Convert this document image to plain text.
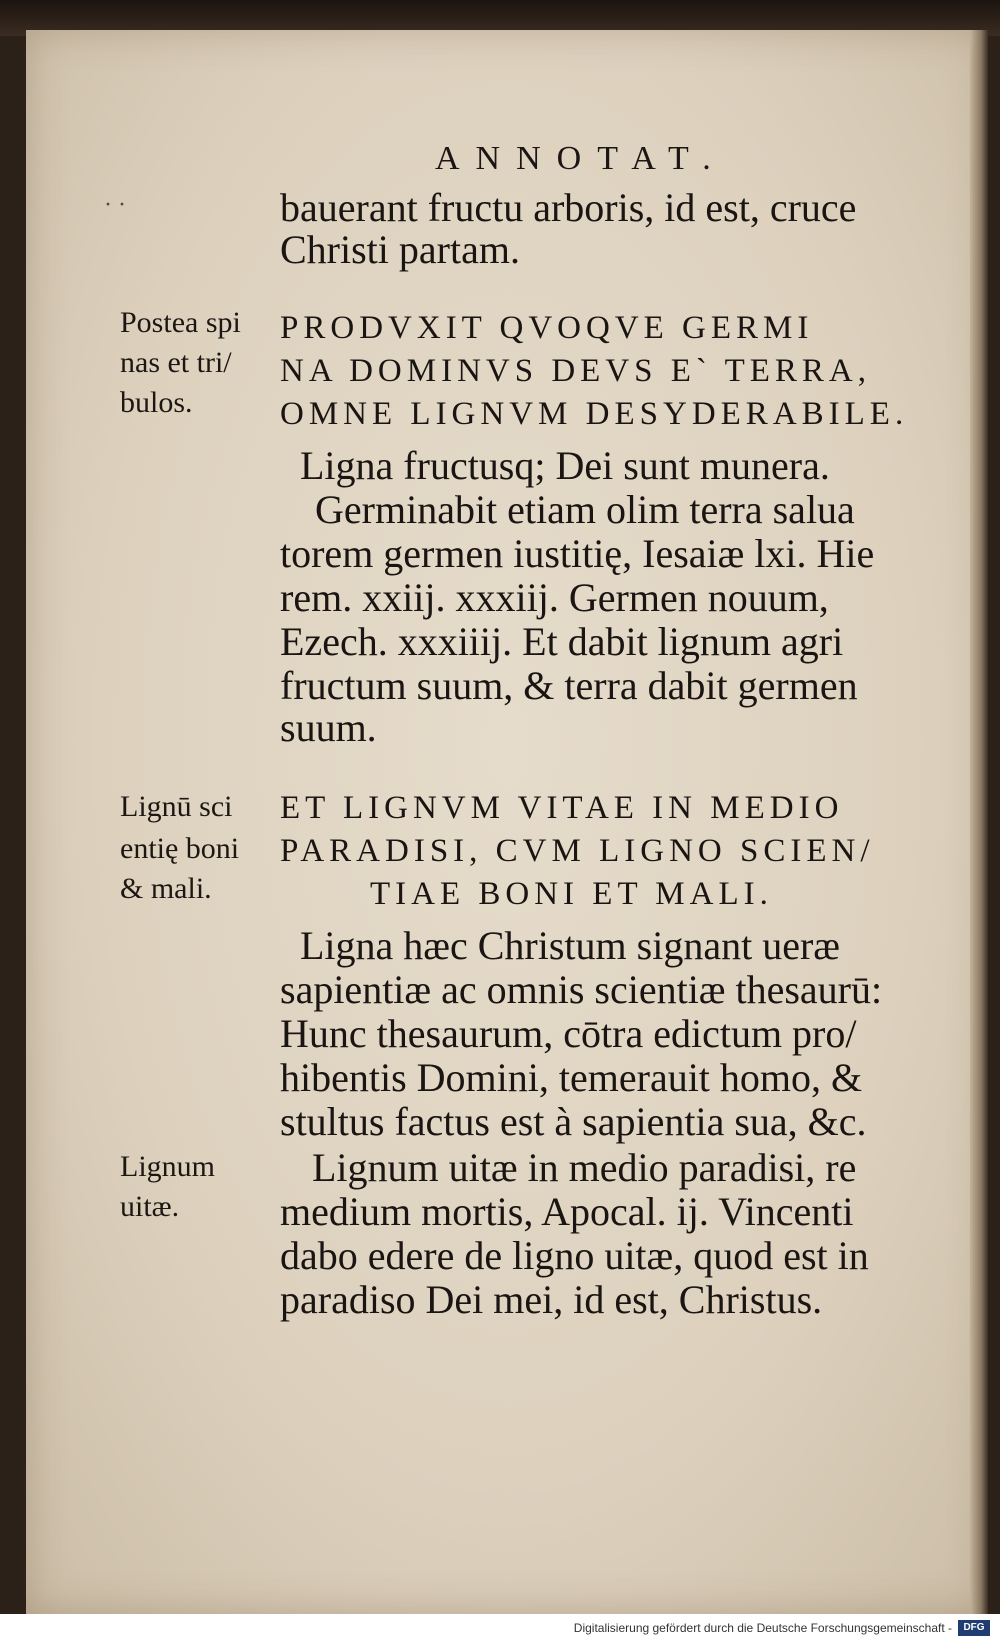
ANNOTAT.
· ·	bauerant fructu arboris, id est, cruce
Christi partam.
Postea spi
nas et tri/
bulos.
PRODVXIT QVOQVE GERMI
NA DOMINVS DEVS E` TERRA,
OMNE LIGNVM DESYDERABILE.
Ligna fructusq; Dei sunt munera.
Germinabit etiam olim terra salua
torem germen iustitię, Iesaiæ lxi. Hie
rem. xxiij. xxxiij. Germen nouum,
Ezech. xxxiiij. Et dabit lignum agri
fructum suum, & terra dabit germen
suum.
Lignū sci
entię boni
& mali.
ET LIGNVM VITAE IN MEDIO
PARADISI, CVM LIGNO SCIEN/
TIAE BONI ET MALI.
Ligna hæc Christum signant ueræ
sapientiæ ac omnis scientiæ thesaurū:
Hunc thesaurum, cōtra edictum pro/
hibentis Domini, temerauit homo, &
stultus factus est à sapientia sua, &c.
Lignum
uitæ.
Lignum uitæ in medio paradisi, re
medium mortis, Apocal. ij. Vincenti
dabo edere de ligno uitæ, quod est in
paradiso Dei mei, id est, Christus.
Digitalisierung gefördert durch die Deutsche Forschungsgemeinschaft -	DFG
